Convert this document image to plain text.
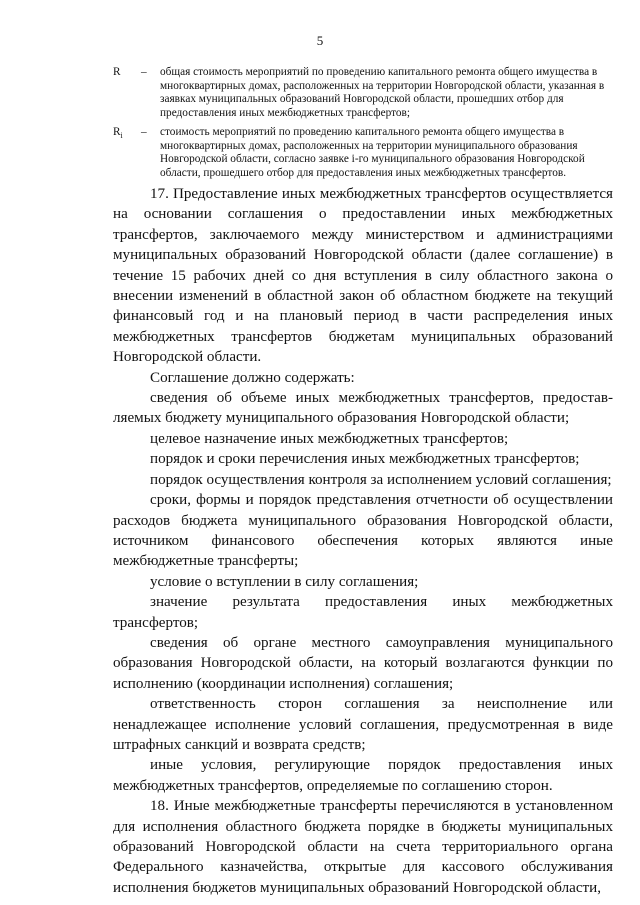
5
R	–	общая стоимость мероприятий по проведению капитального ремонта общего имущества в многоквартирных домах, расположенных на территории Новгородской области, указанная в заявках муниципальных образований Новгородской области, прошедших отбор для предоставления иных межбюджетных трансфертов;
$R_i$	–	стоимость мероприятий по проведению капитального ремонта общего имущества в многоквартирных домах, расположенных на территории муниципального образования Новгородской области, согласно заявке i-го муниципального образования Новгородской области, прошедшего отбор для предоставления иных межбюджетных трансфертов.

17. Предоставление иных межбюджетных трансфертов осуществляется на основании соглашения о предоставлении иных межбюджетных трансфертов, заключаемого между министерством и администрациями муниципальных образований Новгородской области (далее соглашение) в течение 15 рабочих дней со дня вступления в силу областного закона о внесении изменений в областной закон об областном бюджете на текущий финансовый год и на плановый период в части распределения иных межбюджетных трансфертов бюджетам муниципальных образований Новгородской области.

Соглашение должно содержать:

сведения об объеме иных межбюджетных трансфертов, предостав-ляемых бюджету муниципального образования Новгородской области;

целевое назначение иных межбюджетных трансфертов;

порядок и сроки перечисления иных межбюджетных трансфертов;

порядок осуществления контроля за исполнением условий соглашения;

сроки, формы и порядок представления отчетности об осуществлении расходов бюджета муниципального образования Новгородской области, источником финансового обеспечения которых являются иные межбюджетные трансферты;

условие о вступлении в силу соглашения;

значение результата предоставления иных межбюджетных трансфертов;

сведения об органе местного самоуправления муниципального образования Новгородской области, на который возлагаются функции по исполнению (координации исполнения) соглашения;

ответственность сторон соглашения за неисполнение или ненадлежащее исполнение условий соглашения, предусмотренная в виде штрафных санкций и возврата средств;

иные условия, регулирующие порядок предоставления иных межбюджетных трансфертов, определяемые по соглашению сторон.

18. Иные межбюджетные трансферты перечисляются в установленном для исполнения областного бюджета порядке в бюджеты муниципальных образований Новгородской области на счета территориального органа Федерального казначейства, открытые для кассового обслуживания исполнения бюджетов муниципальных образований Новгородской области,
